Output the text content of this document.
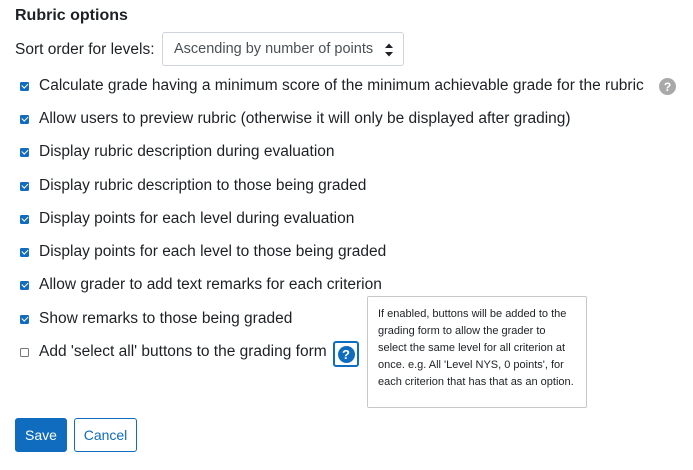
Rubric options
Sort order for levels: Ascending by number of points
Calculate grade having a minimum score of the minimum achievable grade for the rubric	?
Allow users to preview rubric (otherwise it will only be displayed after grading)
Display rubric description during evaluation
Display rubric description to those being graded
Display points for each level during evaluation
Display points for each level to those being graded
Allow grader to add text remarks for each criterion
Show remarks to those being graded
Add 'select all' buttons to the grading form	?
If enabled, buttons will be added to the grading form to allow the grader to select the same level for all criterion at once. e.g. All 'Level NYS, 0 points', for each criterion that has that as an option.
Save	Cancel
